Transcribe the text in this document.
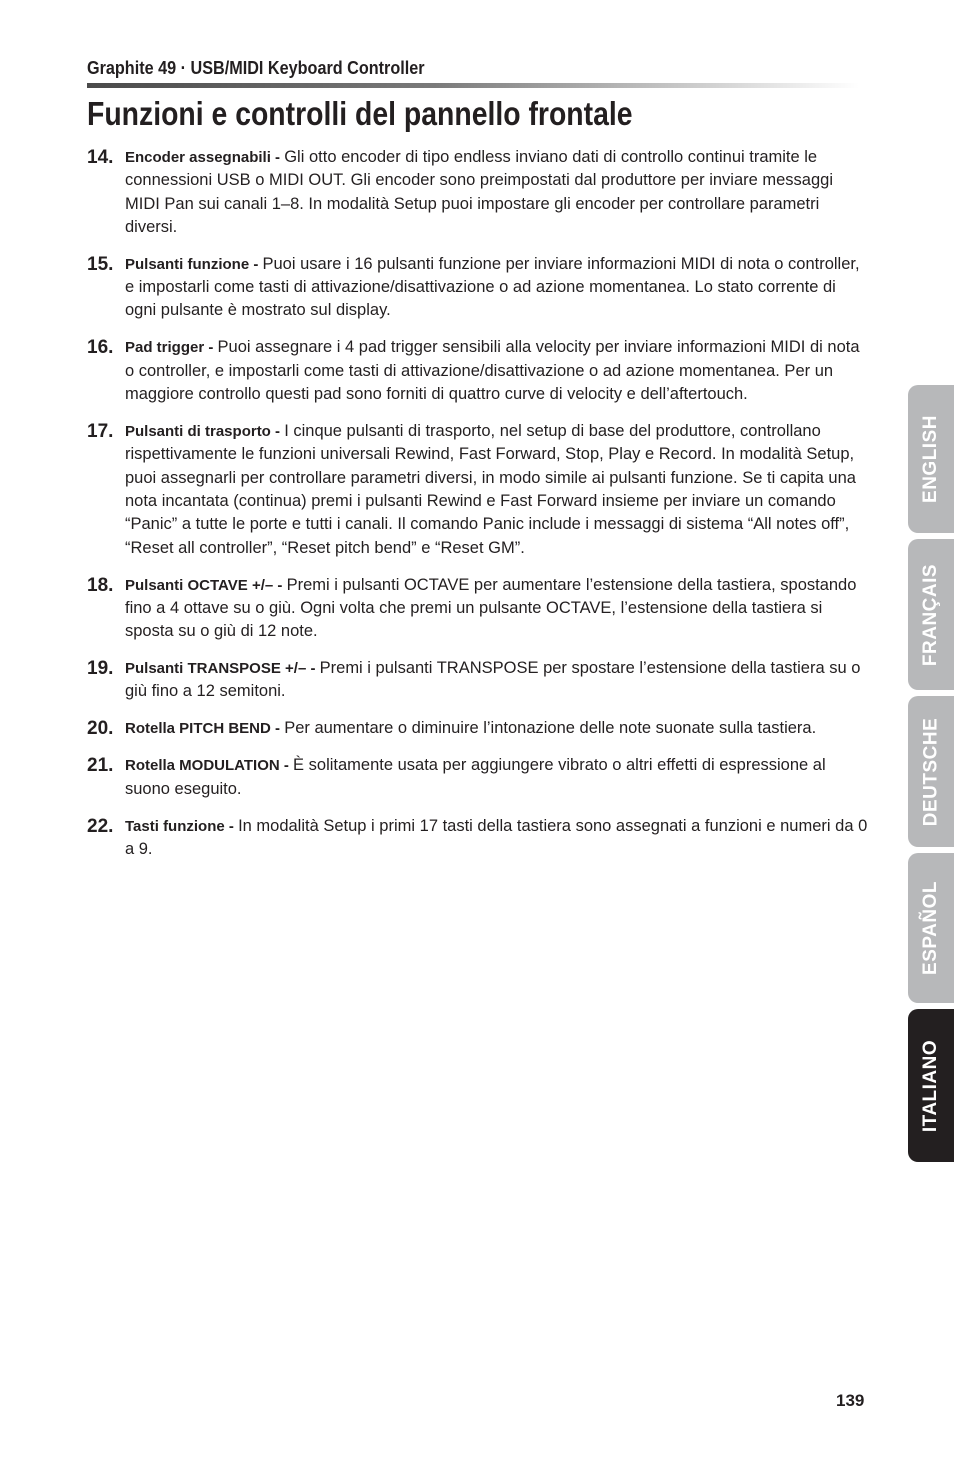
Graphite 49 · USB/MIDI Keyboard Controller
Funzioni e controlli del pannello frontale
14. Encoder assegnabili - Gli otto encoder di tipo endless inviano dati di controllo continui tramite le connessioni USB o MIDI OUT. Gli encoder sono preimpostati dal produttore per inviare messaggi MIDI Pan sui canali 1–8. In modalità Setup puoi impostare gli encoder per controllare parametri diversi.
15. Pulsanti funzione - Puoi usare i 16 pulsanti funzione per inviare informazioni MIDI di nota o controller, e impostarli come tasti di attivazione/disattivazione o ad azione momentanea. Lo stato corrente di ogni pulsante è mostrato sul display.
16. Pad trigger - Puoi assegnare i 4 pad trigger sensibili alla velocity per inviare informazioni MIDI di nota o controller, e impostarli come tasti di attivazione/disattivazione o ad azione momentanea. Per un maggiore controllo questi pad sono forniti di quattro curve di velocity e dell’aftertouch.
17. Pulsanti di trasporto - I cinque pulsanti di trasporto, nel setup di base del produttore, controllano rispettivamente le funzioni universali Rewind, Fast Forward, Stop, Play e Record. In modalità Setup, puoi assegnarli per controllare parametri diversi, in modo simile ai pulsanti funzione. Se ti capita una nota incantata (continua) premi i pulsanti Rewind e Fast Forward insieme per inviare un comando “Panic” a tutte le porte e tutti i canali. Il comando Panic include i messaggi di sistema “All notes off”, “Reset all controller”, “Reset pitch bend” e “Reset GM”.
18. Pulsanti OCTAVE +/– - Premi i pulsanti OCTAVE per aumentare l’estensione della tastiera, spostando fino a 4 ottave su o giù. Ogni volta che premi un pulsante OCTAVE, l’estensione della tastiera si sposta su o giù di 12 note.
19. Pulsanti TRANSPOSE +/– - Premi i pulsanti TRANSPOSE per spostare l’estensione della tastiera su o giù fino a 12 semitoni.
20. Rotella PITCH BEND - Per aumentare o diminuire l’intonazione delle note suonate sulla tastiera.
21. Rotella MODULATION - È solitamente usata per aggiungere vibrato o altri effetti di espressione al suono eseguito.
22. Tasti funzione - In modalità Setup i primi 17 tasti della tastiera sono assegnati a funzioni e numeri da 0 a 9.
ENGLISH
FRANÇAIS
DEUTSCHE
ESPAÑOL
ITALIANO
139
